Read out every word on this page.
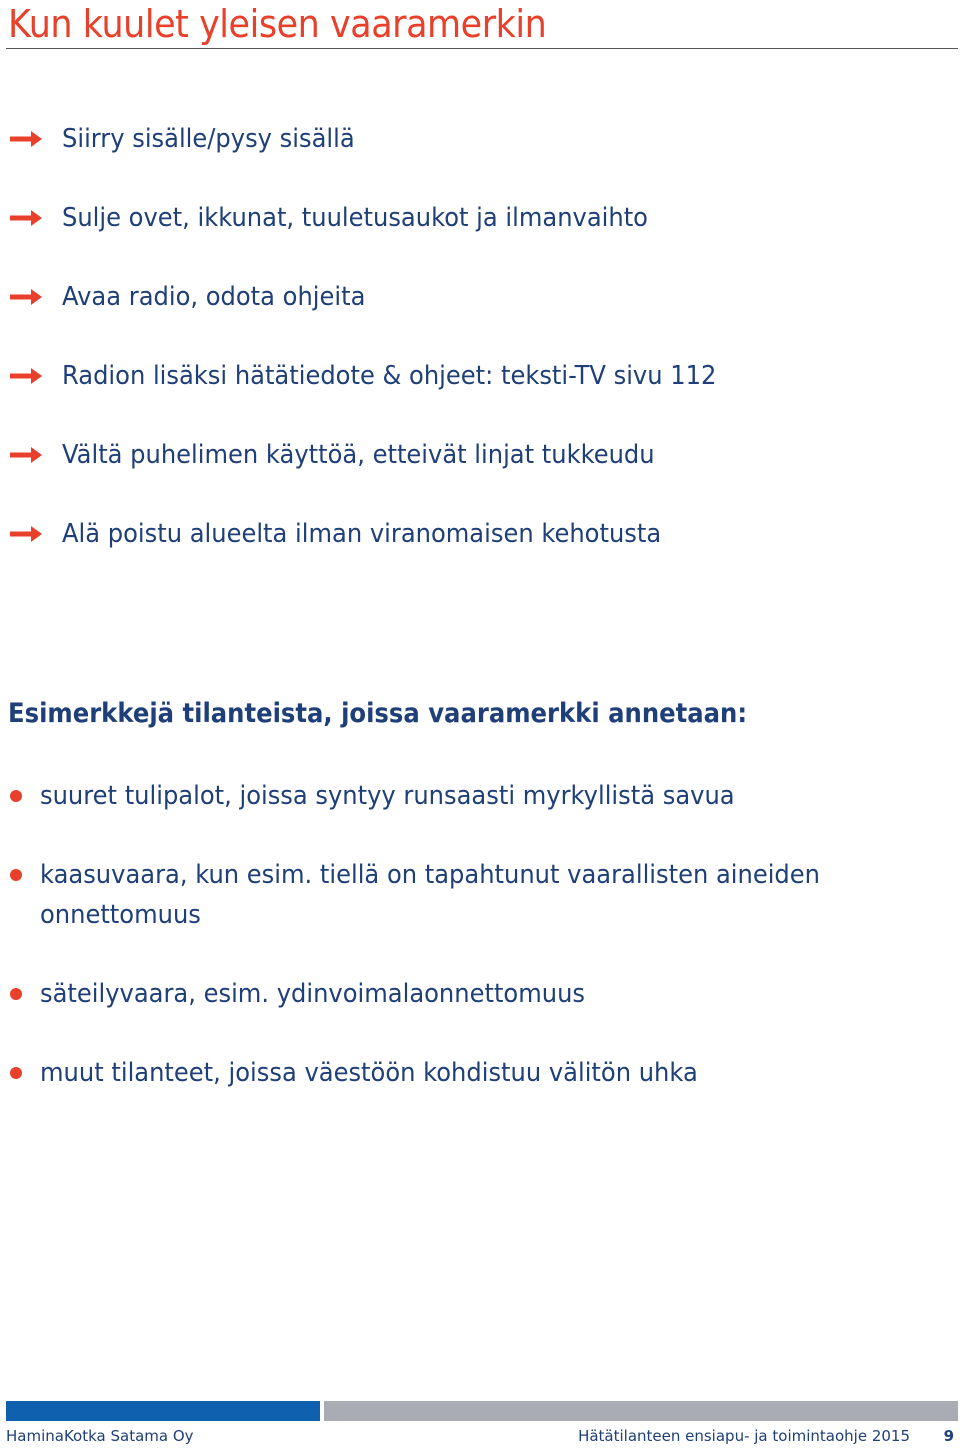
Kun kuulet yleisen vaaramerkin
Siirry sisälle/pysy sisällä
Sulje ovet, ikkunat, tuuletusaukot ja ilmanvaihto
Avaa radio, odota ohjeita
Radion lisäksi hätätiedote & ohjeet: teksti-TV sivu 112
Vältä puhelimen käyttöä, etteivät linjat tukkeudu
Alä poistu alueelta ilman viranomaisen kehotusta
Esimerkkejä tilanteista, joissa vaaramerkki annetaan:
suuret tulipalot, joissa syntyy runsaasti myrkyllistä savua
kaasuvaara, kun esim. tiellä on tapahtunut vaarallisten aineiden
onnettomuus
säteilyvaara, esim. ydinvoimalaonnettomuus
muut tilanteet, joissa väestöön kohdistuu välitön uhka
HaminaKotka Satama Oy	Hätätilanteen ensiapu- ja toimintaohje 2015 9
